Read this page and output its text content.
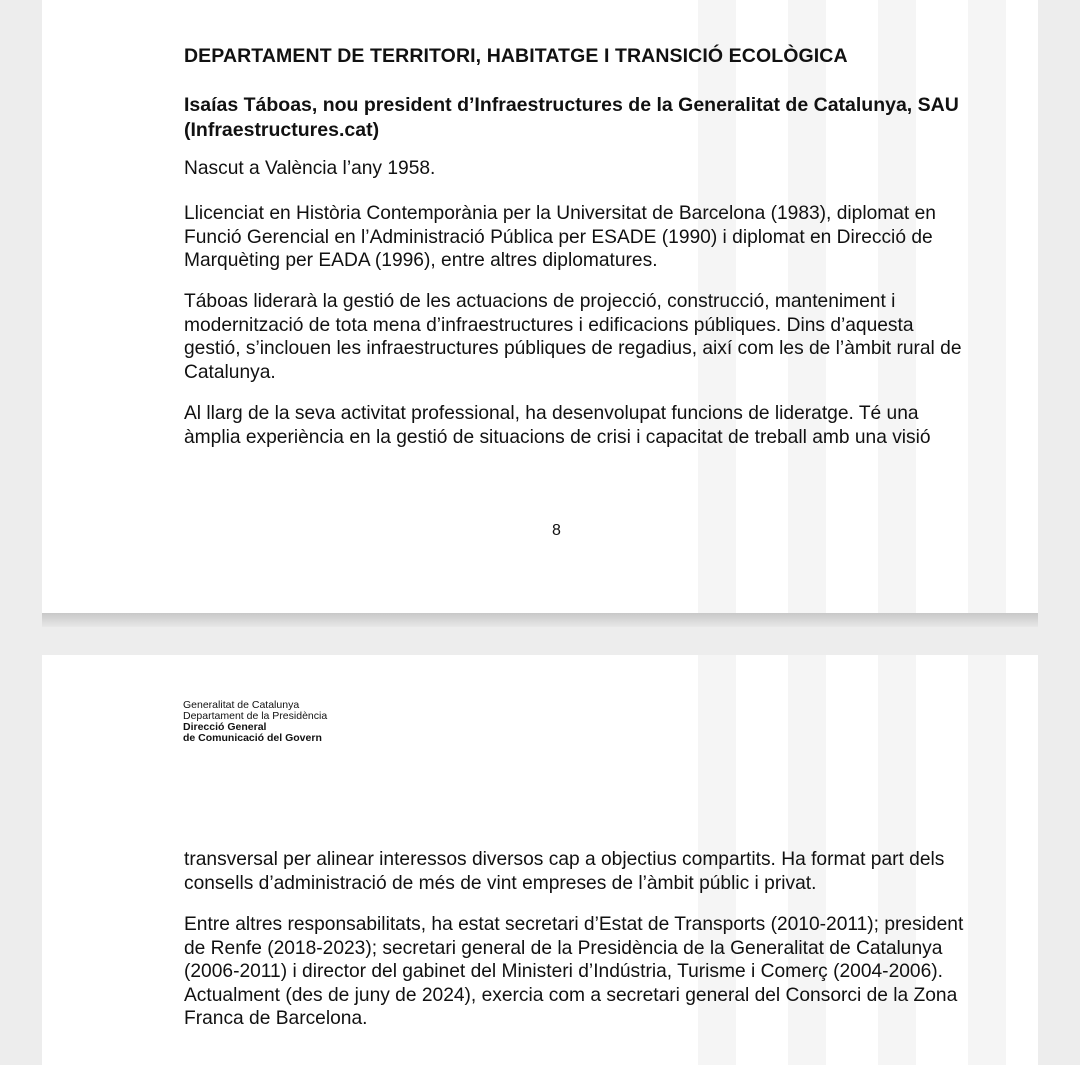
DEPARTAMENT DE TERRITORI, HABITATGE I TRANSICIÓ ECOLÒGICA
Isaías Táboas, nou president d’Infraestructures de la Generalitat de Catalunya, SAU (Infraestructures.cat)
Nascut a València l’any 1958.
Llicenciat en Història Contemporània per la Universitat de Barcelona (1983), diplomat en Funció Gerencial en l’Administració Pública per ESADE (1990) i diplomat en Direcció de Marquèting per EADA (1996), entre altres diplomatures.
Táboas liderarà la gestió de les actuacions de projecció, construcció, manteniment i modernització de tota mena d’infraestructures i edificacions públiques. Dins d’aquesta gestió, s’inclouen les infraestructures públiques de regadius, així com les de l’àmbit rural de Catalunya.
Al llarg de la seva activitat professional, ha desenvolupat funcions de lideratge. Té una àmplia experiència en la gestió de situacions de crisi i capacitat de treball amb una visió
8
Generalitat de Catalunya
Departament de la Presidència
Direcció General
de Comunicació del Govern
transversal per alinear interessos diversos cap a objectius compartits. Ha format part dels consells d’administració de més de vint empreses de l’àmbit públic i privat.
Entre altres responsabilitats, ha estat secretari d’Estat de Transports (2010-2011); president de Renfe (2018-2023); secretari general de la Presidència de la Generalitat de Catalunya (2006-2011) i director del gabinet del Ministeri d’Indústria, Turisme i Comerç (2004-2006). Actualment (des de juny de 2024), exercia com a secretari general del Consorci de la Zona Franca de Barcelona.
